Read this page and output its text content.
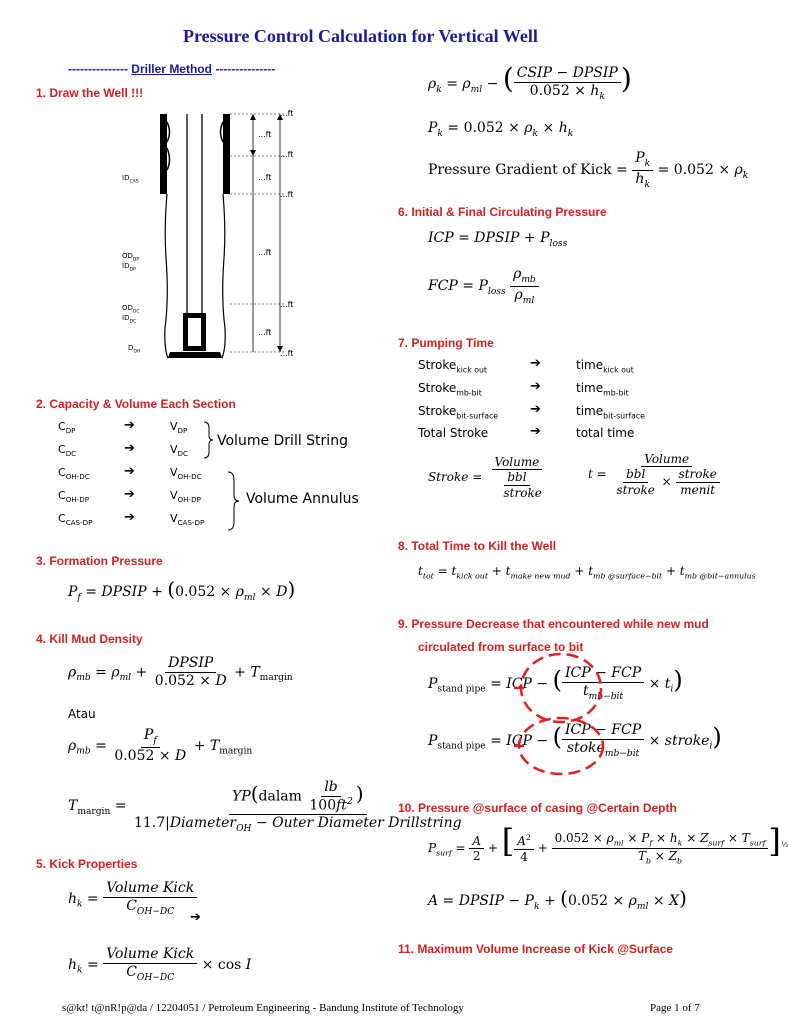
Pressure Control Calculation for Vertical Well
--------------- Driller Method ---------------
1. Draw the Well !!!
...ft
...ft
...ft
...ft
...ft
...ft
...ft
...ft
...ft
$ID_{CAS}$
$OD_{DP}$
$ID_{DP}$
$OD_{DC}$
$ID_{DC}$
$D_{OH}$
2. Capacity & Volume Each Section
$C_{DP}$	➔	$V_{DP}$
$C_{DC}$	➔	$V_{DC}$
$C_{OH-DC}$	➔	$V_{OH-DC}$
$C_{OH-DP}$	➔	$V_{OH-DP}$
$C_{CAS-DP}$ ➔	$V_{CAS-DP}$
Volume Drill String
Volume Annulus
3. Formation Pressure
$P_f$ = DPSIP + $(0.052 \times \rho_{ml} \times D)$
4. Kill Mud Density
$\rho_{mb} = \rho_{ml} + \frac{\text{DPSIP}}{0.052 \times D} + T_{margin}$
Atau
$\rho_{mb} = \frac{P_f}{0.052 \times D} + T_{margin}$
$T_{margin} = \frac{YP(dalam \frac{lb}{100ft^2} )}{11.7|Diameter_{OH} - Outer Diameter Drillstring}$
5. Kick Properties
$h_k = \frac{\text{Volume Kick}}{C_{OH-DC}}$
➔
$h_k = \frac{\text{Volume Kick}}{C_{OH-DC}} \times \cos I$
$\rho_k = \rho_{ml}$ − ( $\frac{\text{CSIP − DPSIP}}{0.052 \times h_k}$ )
$P_k = 0.052 \times \rho_k \times h_k$
Pressure Gradient of Kick = $\frac{P_k}{h_k} = 0.052 \times \rho_k$
6. Initial & Final Circulating Pressure
ICP = DPSIP + $P_{loss}$
FCP = $P_{loss} \frac{\rho_{mb}}{\rho_{ml}}$
7. Pumping Time
Stroke$_{kick out}$	➔	time$_{kick out}$
Stroke$_{mb-bit}$	➔	time$_{mb-bit}$
Stroke$_{bit-surface}$ ➔	time$_{bit-surface}$
Total Stroke	➔	total time
Stroke = $\frac{\text{Volume}}{\frac{\text{bbl}}{\text{stroke}}}$	$t = \frac{\text{Volume}}{\frac{\text{bbl}}{\text{stroke}} \times \frac{\text{stroke}}{\text{menit}}}$
8. Total Time to Kill the Well
$t_{tot} = t_{kick out} + t_{make new mud} + t_{mb @surface-bit} + t_{mb @bit-annulus}$
9. Pressure Decrease that encountered while new mud
circulated from surface to bit
$P_{stand pipe}$ = ICP − ( $\frac{\text{ICP − FCP}}{t_{mb-bit}} \times t_i$)
$P_{stand pipe}$ = ICP − ( $\frac{\text{ICP − FCP}}{stoke_{mb-bit}}$ × stroke$_i$)
10. Pressure @surface of casing @Certain Depth
$P_{surf} = \frac{A}{2}$ + [ $\frac{A^2}{4} + \frac{0.052 \times \rho_{ml} \times P_f \times h_k \times Z_{surf} \times T_{surf}}{T_b \times Z_b} ]^{\frac{1}{2}}$
A = DPSIP − $P_k + (0.052 \times \rho_{ml} \times X)$
11. Maximum Volume Increase of Kick @Surface
s@kt! t@nR!p@da / 12204051 / Petroleum Engineering - Bandung Institute of Technology	Page 1 of 7
